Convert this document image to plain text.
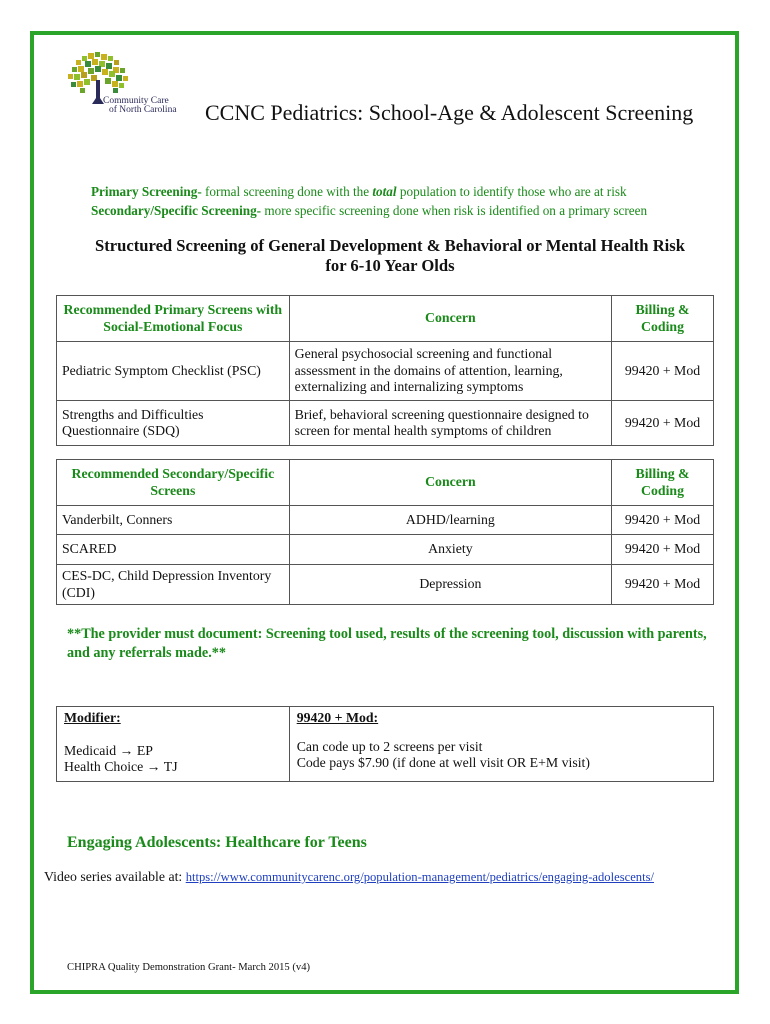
Community Care
of North Carolina CCNC Pediatrics: School-Age & Adolescent Screening
Primary Screening- formal screening done with the total population to identify those who are at risk
Secondary/Specific Screening- more specific screening done when risk is identified on a primary screen
Structured Screening of General Development & Behavioral or Mental Health Risk
for 6-10 Year Olds
Recommended Primary Screens with Social-Emotional Focus	Concern	Billing & Coding
Pediatric Symptom Checklist (PSC)	General psychosocial screening and functional assessment in the domains of attention, learning, externalizing and internalizing symptoms	99420 + Mod
Strengths and Difficulties Questionnaire (SDQ)	Brief, behavioral screening questionnaire designed to screen for mental health symptoms of children	99420 + Mod
Recommended Secondary/Specific Screens	Concern	Billing & Coding
Vanderbilt, Conners	ADHD/learning	99420 + Mod
SCARED	Anxiety	99420 + Mod
CES-DC, Child Depression Inventory (CDI)	Depression	99420 + Mod
**The provider must document: Screening tool used, results of the screening tool, discussion with parents, and any referrals made.**
Modifier:
Medicaid → EP
Health Choice → TJ

99420 + Mod:
Can code up to 2 screens per visit
Code pays $7.90 (if done at well visit OR E+M visit)
Engaging Adolescents: Healthcare for Teens
Video series available at: https://www.communitycarenc.org/population-management/pediatrics/engaging-adolescents/
CHIPRA Quality Demonstration Grant- March 2015 (v4)
